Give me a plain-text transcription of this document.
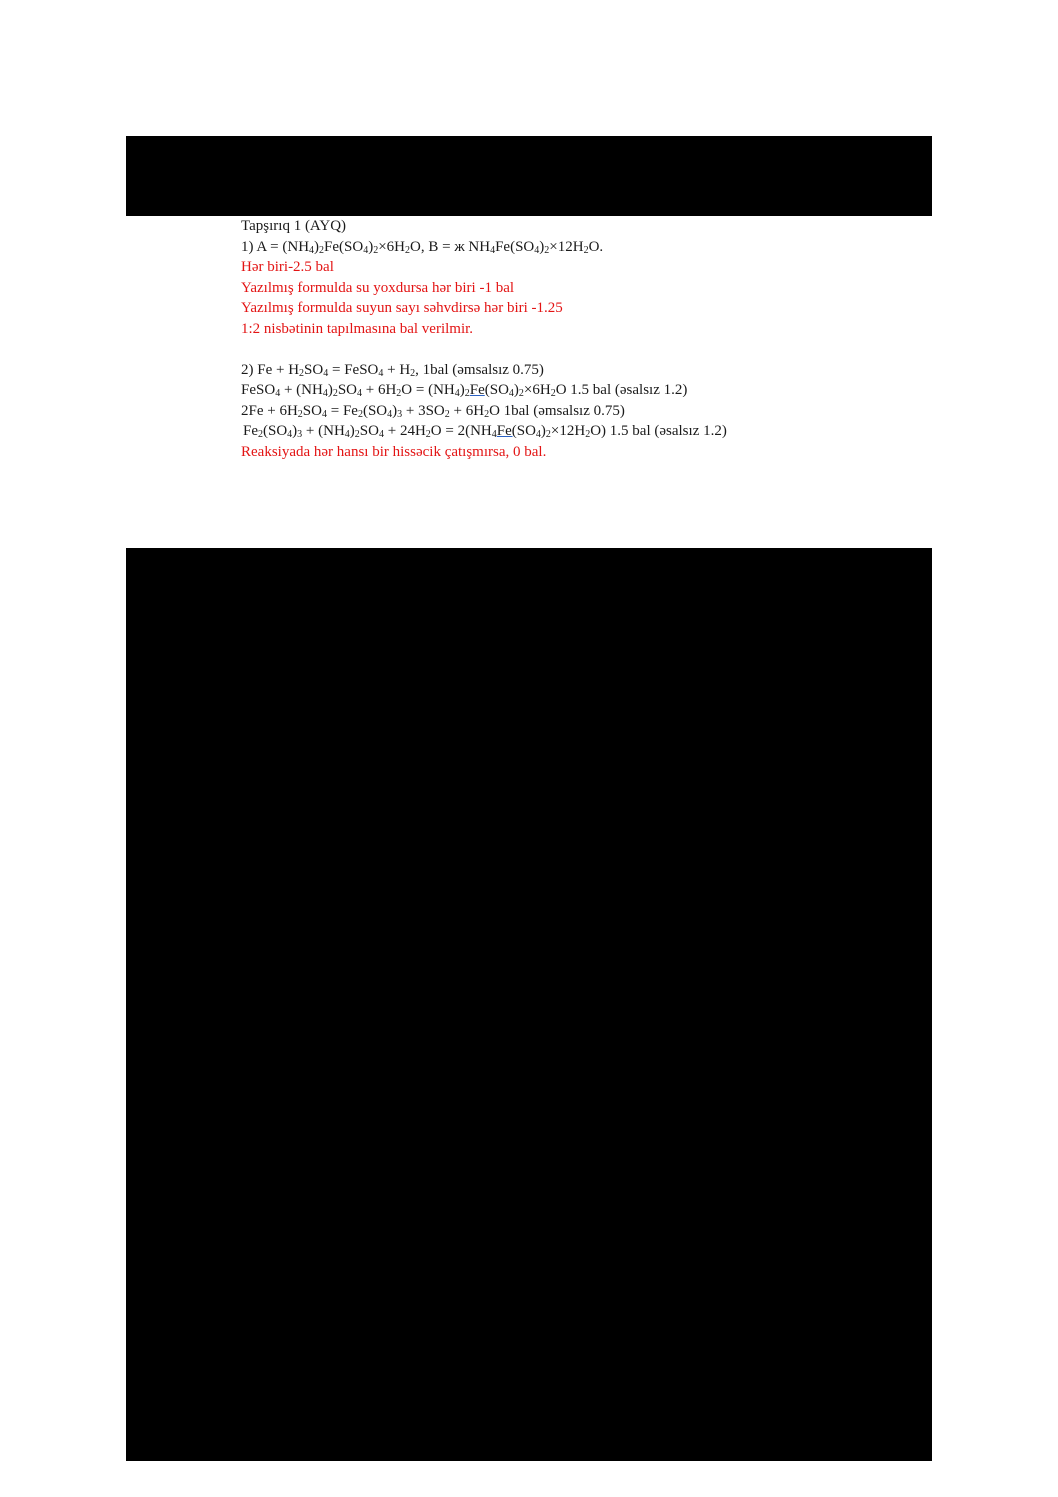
Tapşırıq 1 (AYQ)
1) $A = (NH_4)_2Fe(SO_4)_2\times 6H_2O$, B = ж $NH_4Fe(SO_4)_2\times 12H_2O$.
Hər biri-2.5 bal
Yazılmış formulda su yoxdursa hər biri -1 bal
Yazılmış formulda suyun sayı səhvdirsə hər biri -1.25
1:2 nisbətinin tapılmasına bal verilmir.
2) $Fe + H_2SO_4$ = FeSO$_4$ + $H_2$, 1bal (əmsalsız 0.75)
FeSO$_4$ + $(NH_4)_2SO_4 + 6H_2O = (NH_4)_2Fe(SO_4)_2\times 6H_2O$ 1.5 bal (əsalsız 1.2)
$2Fe + 6H_2SO_4 = Fe_2(SO_4)_3 + 3SO_2 + 6H_2O$ 1bal (əmsalsız 0.75)
$Fe_2(SO_4)_3 + (NH_4)_2SO_4 + 24H_2O = 2(NH_4Fe(SO_4)_2\times 12H_2O)$ 1.5 bal (əsalsız 1.2)
Reaksiyada hər hansı bir hissəcik çatışmırsa, 0 bal.
